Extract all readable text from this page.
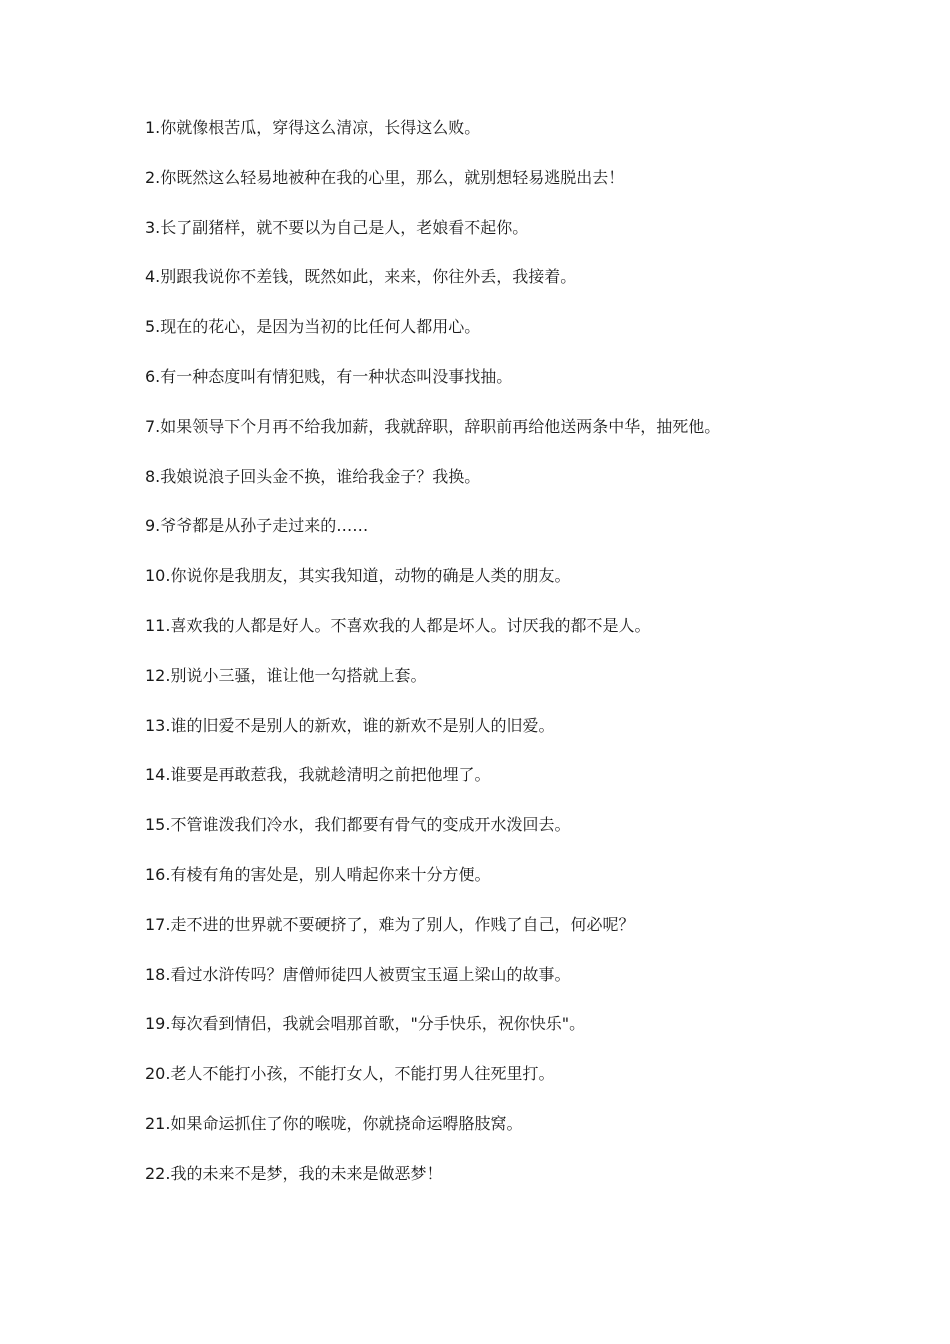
1.你就像根苦瓜，穿得这么清凉，长得这么败。
2.你既然这么轻易地被种在我的心里，那么，就别想轻易逃脱出去！
3.长了副猪样，就不要以为自己是人，老娘看不起你。
4.别跟我说你不差钱，既然如此，来来，你往外丢，我接着。
5.现在的花心，是因为当初的比任何人都用心。
6.有一种态度叫有情犯贱，有一种状态叫没事找抽。
7.如果领导下个月再不给我加薪，我就辞职，辞职前再给他送两条中华，抽死他。
8.我娘说浪子回头金不换，谁给我金子？我换。
9.爷爷都是从孙子走过来的……
10.你说你是我朋友，其实我知道，动物的确是人类的朋友。
11.喜欢我的人都是好人。不喜欢我的人都是坏人。讨厌我的都不是人。
12.别说小三骚，谁让他一勾搭就上套。
13.谁的旧爱不是别人的新欢，谁的新欢不是别人的旧爱。
14.谁要是再敢惹我，我就趁清明之前把他埋了。
15.不管谁泼我们冷水，我们都要有骨气的变成开水泼回去。
16.有棱有角的害处是，别人啃起你来十分方便。
17.走不进的世界就不要硬挤了，难为了别人，作贱了自己，何必呢？
18.看过水浒传吗？唐僧师徒四人被贾宝玉逼上梁山的故事。
19.每次看到情侣，我就会唱那首歌，"分手快乐，祝你快乐"。
20.老人不能打小孩，不能打女人，不能打男人往死里打。
21.如果命运抓住了你的喉咙，你就挠命运嘚胳肢窝。
22.我的未来不是梦，我的未来是做恶梦！
